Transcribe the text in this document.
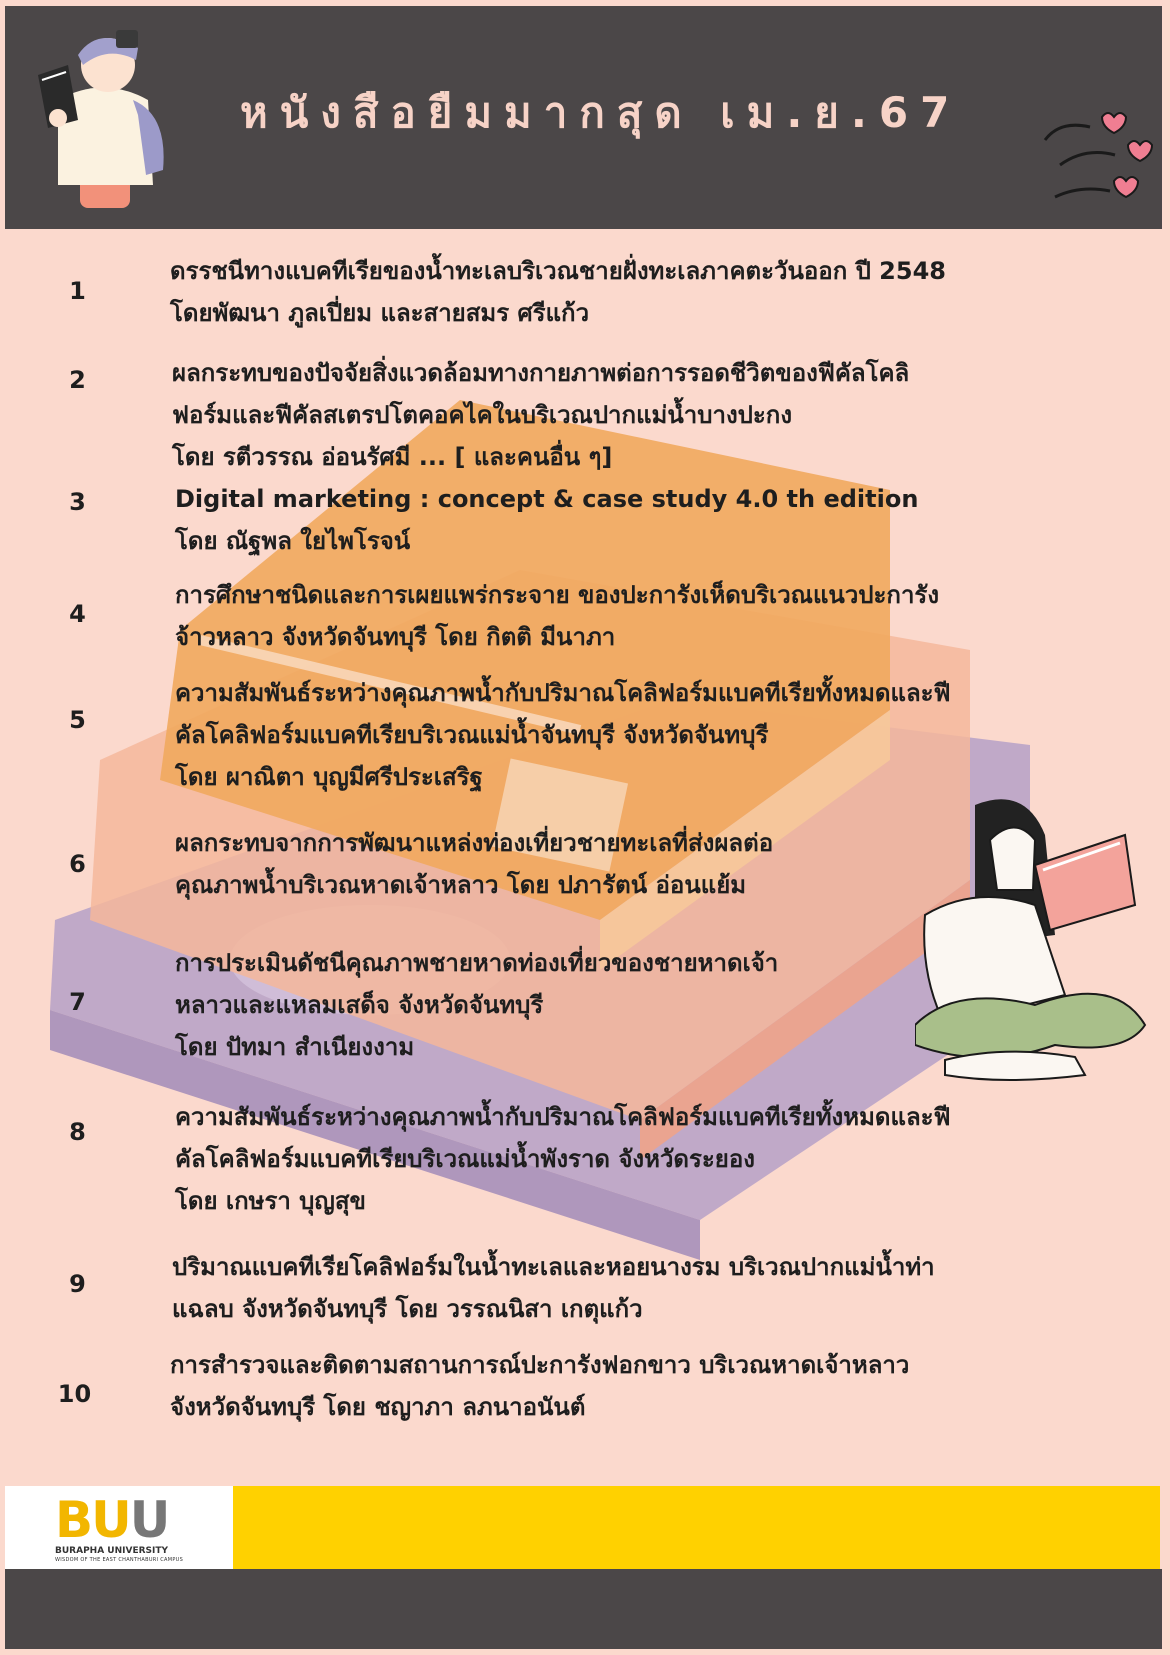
หนังสือยืมมากสุด เม.ย.67
1
ดรรชนีทางแบคทีเรียของน้ำทะเลบริเวณชายฝั่งทะเลภาคตะวันออก ปี 2548
โดยพัฒนา ภูลเปี่ยม และสายสมร ศรีแก้ว
2	ผลกระทบของปัจจัยสิ่งแวดล้อมทางกายภาพต่อการรอดชีวิตของฟีคัลโคลิ
ฟอร์มและฟีคัลสเตรปโตคอคไคในบริเวณปากแม่น้ำบางปะกง
โดย รตีวรรณ อ่อนรัศมี ... [ และคนอื่น ๆ]
3	Digital marketing : concept & case study 4.0 th edition
โดย ณัฐพล ใยไพโรจน์
4
การศึกษาชนิดและการเผยแพร่กระจาย ของปะการังเห็ดบริเวณแนวปะการัง
จ้าวหลาว จังหวัดจันทบุรี โดย กิตติ มีนาภา
5
ความสัมพันธ์ระหว่างคุณภาพน้ำกับปริมาณโคลิฟอร์มแบคทีเรียทั้งหมดและฟี
คัลโคลิฟอร์มแบคทีเรียบริเวณแม่น้ำจันทบุรี จังหวัดจันทบุรี
โดย ผาณิตา บุญมีศรีประเสริฐ
6
ผลกระทบจากการพัฒนาแหล่งท่องเที่ยวชายทะเลที่ส่งผลต่อ
คุณภาพน้ำบริเวณหาดเจ้าหลาว โดย ปภารัตน์ อ่อนแย้ม
7
การประเมินดัชนีคุณภาพชายหาดท่องเที่ยวของชายหาดเจ้า
หลาวและแหลมเสด็จ จังหวัดจันทบุรี
โดย ปัทมา สำเนียงงาม
8
ความสัมพันธ์ระหว่างคุณภาพน้ำกับปริมาณโคลิฟอร์มแบคทีเรียทั้งหมดและฟี
คัลโคลิฟอร์มแบคทีเรียบริเวณแม่น้ำพังราด จังหวัดระยอง
โดย เกษรา บุญสุข
9
ปริมาณแบคทีเรียโคลิฟอร์มในน้ำทะเลและหอยนางรม บริเวณปากแม่น้ำท่า
แฉลบ จังหวัดจันทบุรี โดย วรรณนิสา เกตุแก้ว
10
การสำรวจและติดตามสถานการณ์ปะการังฟอกขาว บริเวณหาดเจ้าหลาว
จังหวัดจันทบุรี โดย ชญาภา ลภนาอนันต์
BUU
BURAPHA UNIVERSITY
WISDOM OF THE EAST CHANTHABURI CAMPUS
